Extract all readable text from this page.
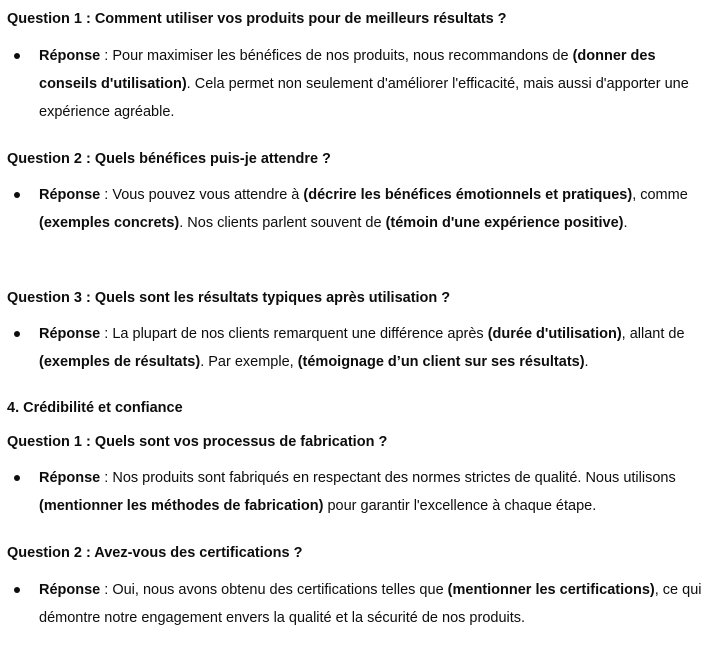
Question 1 : Comment utiliser vos produits pour de meilleurs résultats ?
Réponse : Pour maximiser les bénéfices de nos produits, nous recommandons de (donner des conseils d'utilisation). Cela permet non seulement d'améliorer l'efficacité, mais aussi d'apporter une expérience agréable.
Question 2 : Quels bénéfices puis-je attendre ?
Réponse : Vous pouvez vous attendre à (décrire les bénéfices émotionnels et pratiques), comme (exemples concrets). Nos clients parlent souvent de (témoin d'une expérience positive).
Question 3 : Quels sont les résultats typiques après utilisation ?
Réponse : La plupart de nos clients remarquent une différence après (durée d'utilisation), allant de (exemples de résultats). Par exemple, (témoignage d’un client sur ses résultats).
4. Crédibilité et confiance
Question 1 : Quels sont vos processus de fabrication ?
Réponse : Nos produits sont fabriqués en respectant des normes strictes de qualité. Nous utilisons (mentionner les méthodes de fabrication) pour garantir l'excellence à chaque étape.
Question 2 : Avez-vous des certifications ?
Réponse : Oui, nous avons obtenu des certifications telles que (mentionner les certifications), ce qui démontre notre engagement envers la qualité et la sécurité de nos produits.
